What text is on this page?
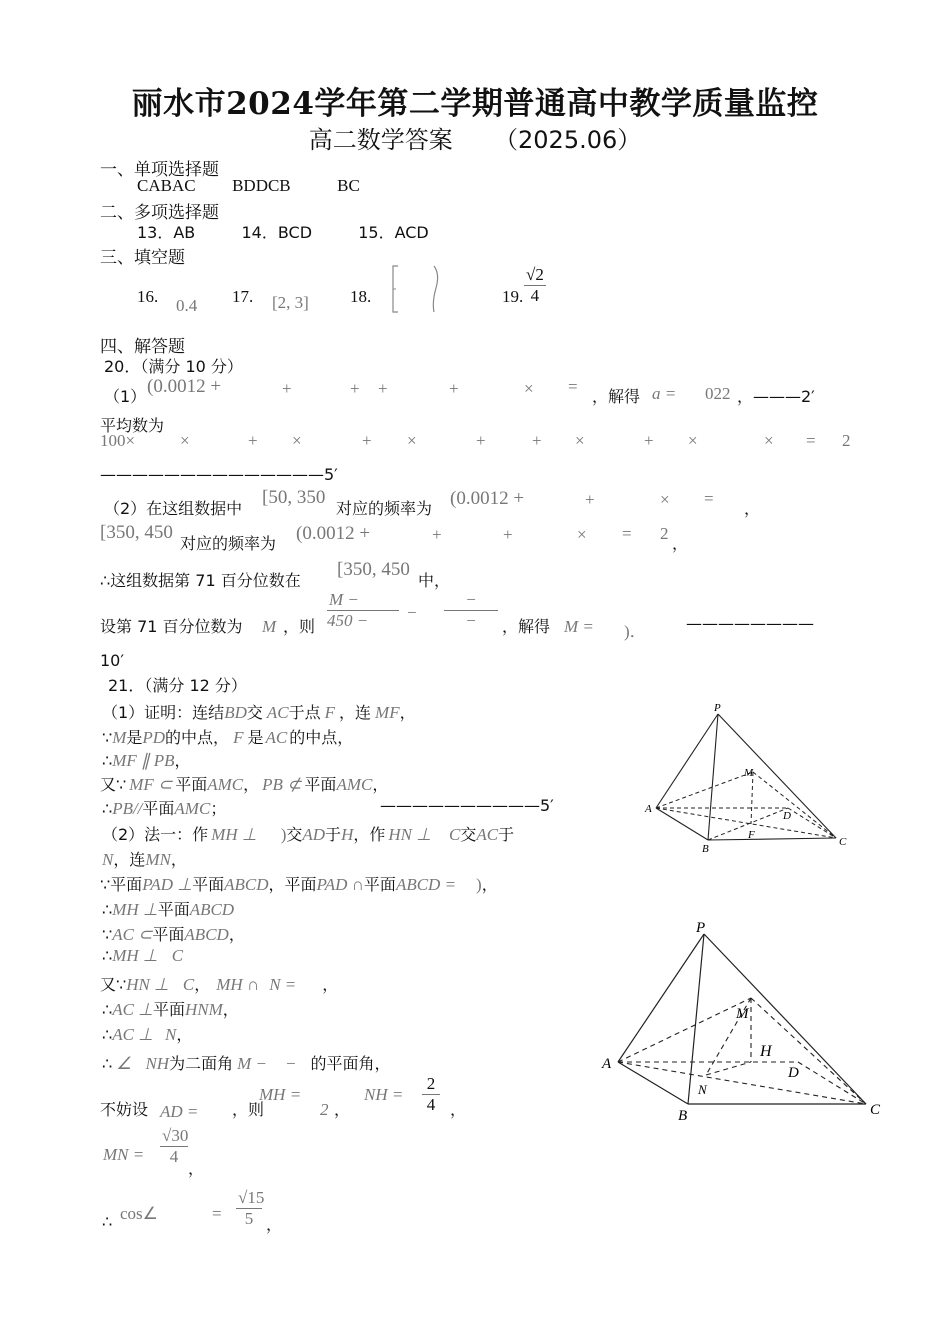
丽水市2024学年第二学期普通高中教学质量监控
高二数学答案 （2025.06）
一、单项选择题
CABAC BDDCB	BC
二、多项选择题
13．AB	14．BCD	15．ACD
三、填空题
16. 0.4 17. [2, 3] 18.	19. $\frac{√2}{4}$
四、解答题
20．（满分 10 分）
（1） (0.0012 +	+	+ +	+	× =
，解得 a = 022 ，———2′
平均数为
100×	×	+ ×	+ ×	+	+ ×	+ ×	× = 2
——————————————5′
（2）在这组数据中
[50, 350
对应的频率为 (0.0012 +	+	× =
，
[350, 450
对应的频率为 (0.0012 +	+	+	× = 2
，
∴这组数据第 71 百分位数在
[350, 450
中，
设第 71 百分位数为 M ，则 $\frac{M -}{450 -} - \frac{-}{-}$ ，解得 M = )． ————————
10′
21．（满分 12 分）
（1）证明：连结BD交 AC于点 F ，连 MF，
∵M是PD的中点， F 是 AC 的中点，
∴MF ∥ PB，
又∵ MF ⊂ 平面AMC， PB ⊄ 平面AMC，
∴PB//平面AMC；	——————————5′
（2）法一：作 MH ⊥ )交AD于H，作 HN ⊥ C交AC于
N，连MN，
∵平面PAD ⊥平面ABCD，平面PAD ∩平面ABCD = )，
∴MH ⊥平面ABCD
∵AC ⊂平面ABCD，
∴MH ⊥ C
又∵HN ⊥ C， MH ∩ N = ，
∴AC ⊥平面HNM，
∴AC ⊥ N，
∴ ∠ NH为二面角 M − − 的平面角，
不妨设 AD = ，则
MH =
2 ，
NH = $\frac{2}{4}$ ，
MN = $\frac{√30}{4}$
，
∴ cos∠	= $\frac{√15}{5}$ ，
P
A
B
C
D
M
F
P
A
B	C
D
M
H
N
